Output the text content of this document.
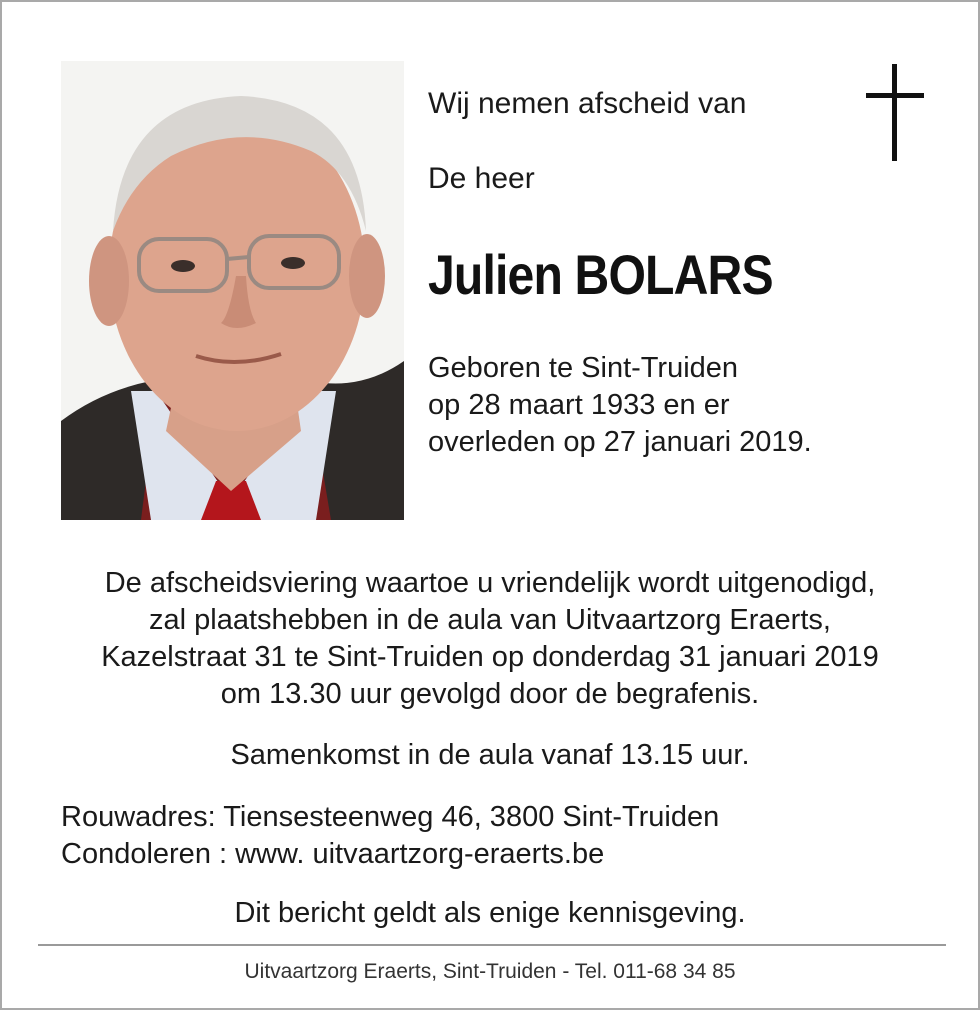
Wij nemen afscheid van
De heer
Julien BOLARS
Geboren te Sint-Truiden
op 28 maart 1933 en er
overleden op 27 januari 2019.
De afscheidsviering waartoe u vriendelijk wordt uitgenodigd,
zal plaatshebben in de aula van Uitvaartzorg Eraerts,
Kazelstraat 31 te Sint-Truiden op donderdag 31 januari 2019
om 13.30 uur gevolgd door de begrafenis.
Samenkomst in de aula vanaf 13.15 uur.
Rouwadres: Tiensesteenweg 46, 3800 Sint-Truiden
Condoleren : www. uitvaartzorg-eraerts.be
Dit bericht geldt als enige kennisgeving.
Uitvaartzorg Eraerts, Sint-Truiden - Tel. 011-68 34 85
